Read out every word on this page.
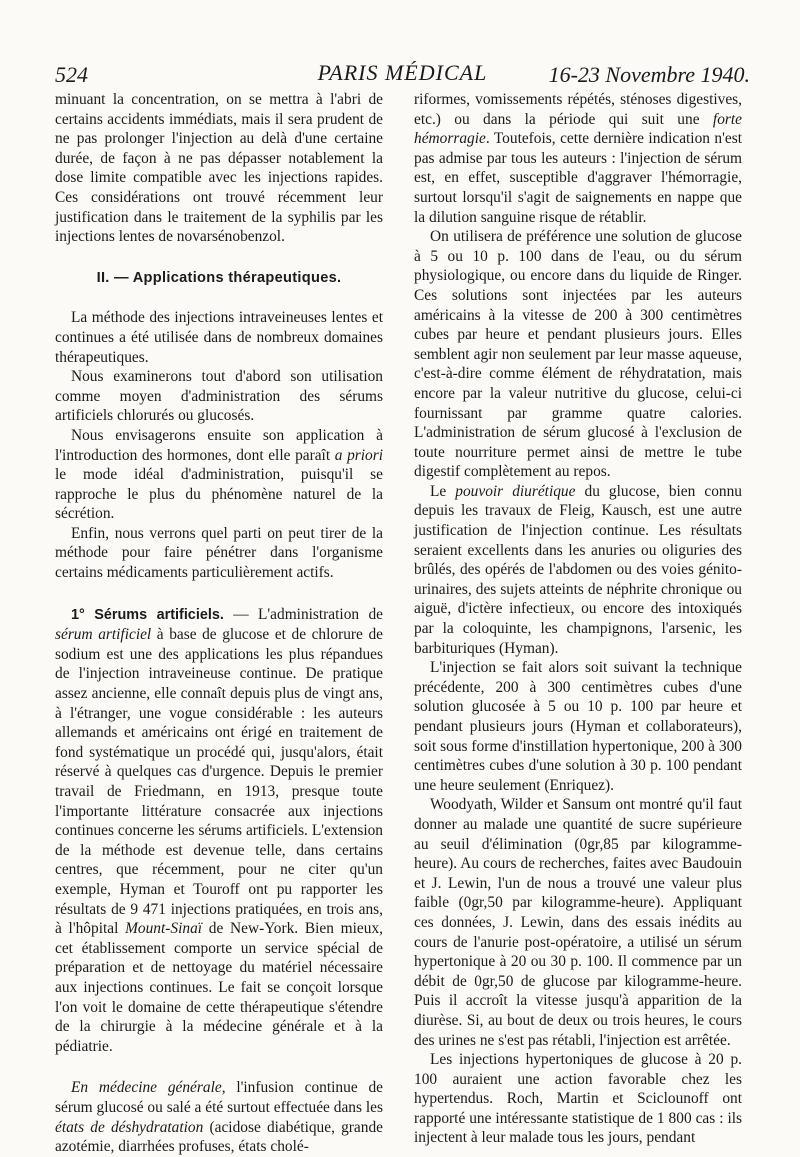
524	PARIS MÉDICAL	16-23 Novembre 1940.

minuant la concentration, on se mettra à l'abri de certains accidents immédiats, mais il sera prudent de ne pas prolonger l'injection au delà d'une certaine durée, de façon à ne pas dépasser notablement la dose limite compatible avec les injections rapides. Ces considérations ont trouvé récemment leur justification dans le traitement de la syphilis par les injections lentes de novarsénobenzol.

II. — Applications thérapeutiques.

La méthode des injections intraveineuses lentes et continues a été utilisée dans de nombreux domaines thérapeutiques.

Nous examinerons tout d'abord son utilisation comme moyen d'administration des sérums artificiels chlorurés ou glucosés.

Nous envisagerons ensuite son application à l'introduction des hormones, dont elle paraît a priori le mode idéal d'administration, puisqu'il se rapproche le plus du phénomène naturel de la sécrétion.

Enfin, nous verrons quel parti on peut tirer de la méthode pour faire pénétrer dans l'organisme certains médicaments particulièrement actifs.

1° Sérums artificiels. — L'administration de sérum artificiel à base de glucose et de chlorure de sodium est une des applications les plus répandues de l'injection intraveineuse continue. De pratique assez ancienne, elle connaît depuis plus de vingt ans, à l'étranger, une vogue considérable : les auteurs allemands et américains ont érigé en traitement de fond systématique un procédé qui, jusqu'alors, était réservé à quelques cas d'urgence. Depuis le premier travail de Friedmann, en 1913, presque toute l'importante littérature consacrée aux injections continues concerne les sérums artificiels. L'extension de la méthode est devenue telle, dans certains centres, que récemment, pour ne citer qu'un exemple, Hyman et Touroff ont pu rapporter les résultats de 9 471 injections pratiquées, en trois ans, à l'hôpital Mount-Sinaï de New-York. Bien mieux, cet établissement comporte un service spécial de préparation et de nettoyage du matériel nécessaire aux injections continues. Le fait se conçoit lorsque l'on voit le domaine de cette thérapeutique s'étendre de la chirurgie à la médecine générale et à la pédiatrie.

En médecine générale, l'infusion continue de sérum glucosé ou salé a été surtout effectuée dans les états de déshydratation (acidose diabétique, grande azotémie, diarrhées profuses, états cholé-

riformes, vomissements répétés, sténoses digestives, etc.) ou dans la période qui suit une forte hémorragie. Toutefois, cette dernière indication n'est pas admise par tous les auteurs : l'injection de sérum est, en effet, susceptible d'aggraver l'hémorragie, surtout lorsqu'il s'agit de saignements en nappe que la dilution sanguine risque de rétablir.

On utilisera de préférence une solution de glucose à 5 ou 10 p. 100 dans de l'eau, ou du sérum physiologique, ou encore dans du liquide de Ringer. Ces solutions sont injectées par les auteurs américains à la vitesse de 200 à 300 centimètres cubes par heure et pendant plusieurs jours. Elles semblent agir non seulement par leur masse aqueuse, c'est-à-dire comme élément de réhydratation, mais encore par la valeur nutritive du glucose, celui-ci fournissant par gramme quatre calories. L'administration de sérum glucosé à l'exclusion de toute nourriture permet ainsi de mettre le tube digestif complètement au repos.

Le pouvoir diurétique du glucose, bien connu depuis les travaux de Fleig, Kausch, est une autre justification de l'injection continue. Les résultats seraient excellents dans les anuries ou oliguries des brûlés, des opérés de l'abdomen ou des voies génito-urinaires, des sujets atteints de néphrite chronique ou aiguë, d'ictère infectieux, ou encore des intoxiqués par la coloquinte, les champignons, l'arsenic, les barbituriques (Hyman).

L'injection se fait alors soit suivant la technique précédente, 200 à 300 centimètres cubes d'une solution glucosée à 5 ou 10 p. 100 par heure et pendant plusieurs jours (Hyman et collaborateurs), soit sous forme d'instillation hypertonique, 200 à 300 centimètres cubes d'une solution à 30 p. 100 pendant une heure seulement (Enriquez).

Woodyath, Wilder et Sansum ont montré qu'il faut donner au malade une quantité de sucre supérieure au seuil d'élimination (0gr,85 par kilogramme-heure). Au cours de recherches, faites avec Baudouin et J. Lewin, l'un de nous a trouvé une valeur plus faible (0gr,50 par kilogramme-heure). Appliquant ces données, J. Lewin, dans des essais inédits au cours de l'anurie post-opératoire, a utilisé un sérum hypertonique à 20 ou 30 p. 100. Il commence par un débit de 0gr,50 de glucose par kilogramme-heure. Puis il accroît la vitesse jusqu'à apparition de la diurèse. Si, au bout de deux ou trois heures, le cours des urines ne s'est pas rétabli, l'injection est arrêtée.

Les injections hypertoniques de glucose à 20 p. 100 auraient une action favorable chez les hypertendus. Roch, Martin et Sciclounoff ont rapporté une intéressante statistique de 1 800 cas : ils injectent à leur malade tous les jours, pendant
